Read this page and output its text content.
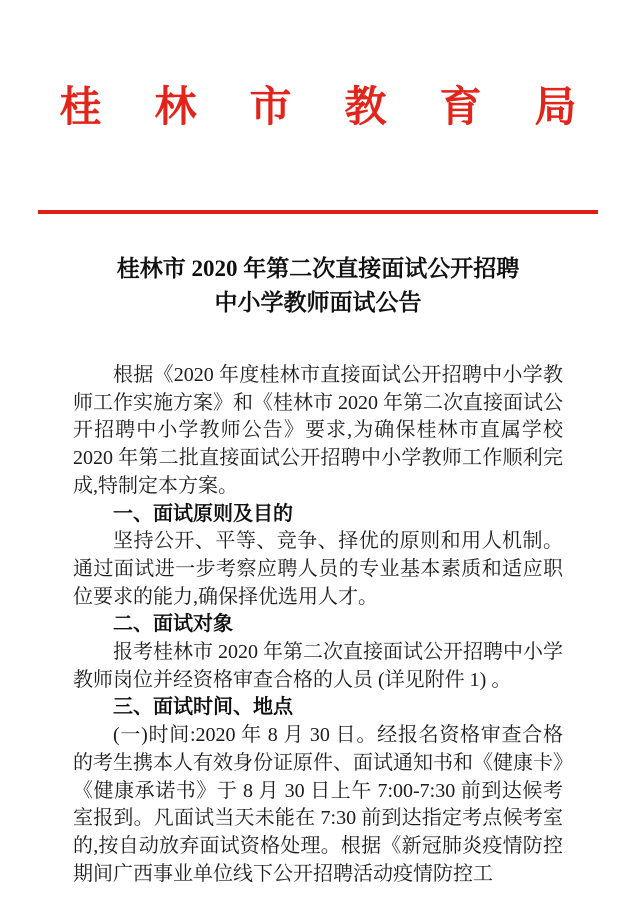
桂林市教育局
桂林市 2020 年第二次直接面试公开招聘
中小学教师面试公告

根据《2020 年度桂林市直接面试公开招聘中小学教师工作实施方案》和《桂林市 2020 年第二次直接面试公开招聘中小学教师公告》要求,为确保桂林市直属学校 2020 年第二批直接面试公开招聘中小学教师工作顺利完成,特制定本方案。

一、面试原则及目的

坚持公开、平等、竞争、择优的原则和用人机制。通过面试进一步考察应聘人员的专业基本素质和适应职位要求的能力,确保择优选用人才。

二、面试对象

报考桂林市 2020 年第二次直接面试公开招聘中小学教师岗位并经资格审查合格的人员 (详见附件 1) 。

三、面试时间、地点

(一)时间:2020 年 8 月 30 日。经报名资格审查合格的考生携本人有效身份证原件、面试通知书和《健康卡》《健康承诺书》于 8 月 30 日上午 7:00-7:30 前到达候考室报到。凡面试当天未能在 7:30 前到达指定考点候考室的,按自动放弃面试资格处理。根据《新冠肺炎疫情防控期间广西事业单位线下公开招聘活动疫情防控工
